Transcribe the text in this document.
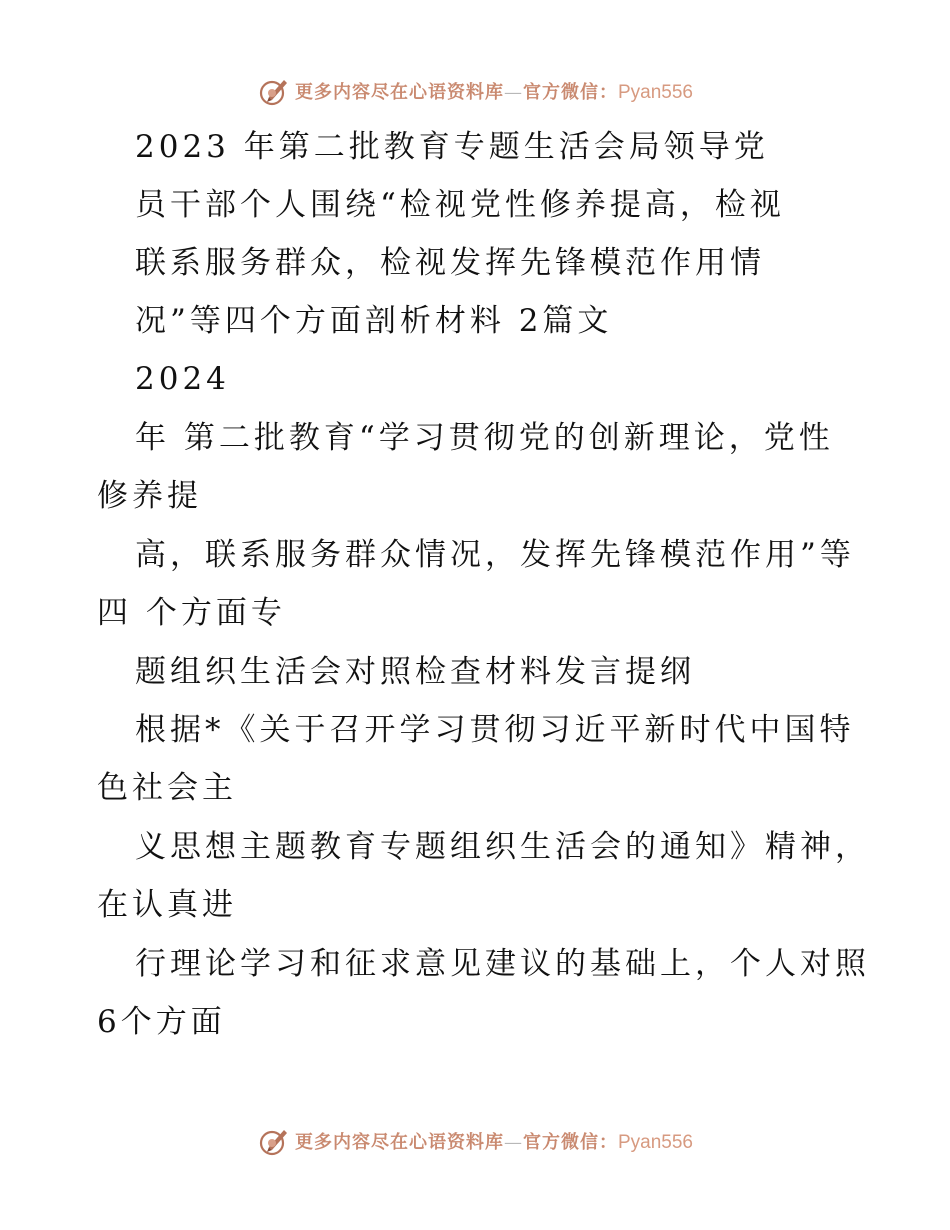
更多内容尽在心语资料库—官方微信：Pyan556
2023 年第二批教育专题生活会局领导党
员干部个人围绕“检视党性修养提高，检视
联系服务群众，检视发挥先锋模范作用情
况”等四个方面剖析材料 2篇文
2024
年 第二批教育“学习贯彻党的创新理论，党性
修养提
高，联系服务群众情况，发挥先锋模范作用”等
四 个方面专
题组织生活会对照检查材料发言提纲
根据*《关于召开学习贯彻习近平新时代中国特
色社会主
义思想主题教育专题组织生活会的通知》精神，
在认真进
行理论学习和征求意见建议的基础上，个人对照
6个方面
更多内容尽在心语资料库—官方微信：Pyan556
